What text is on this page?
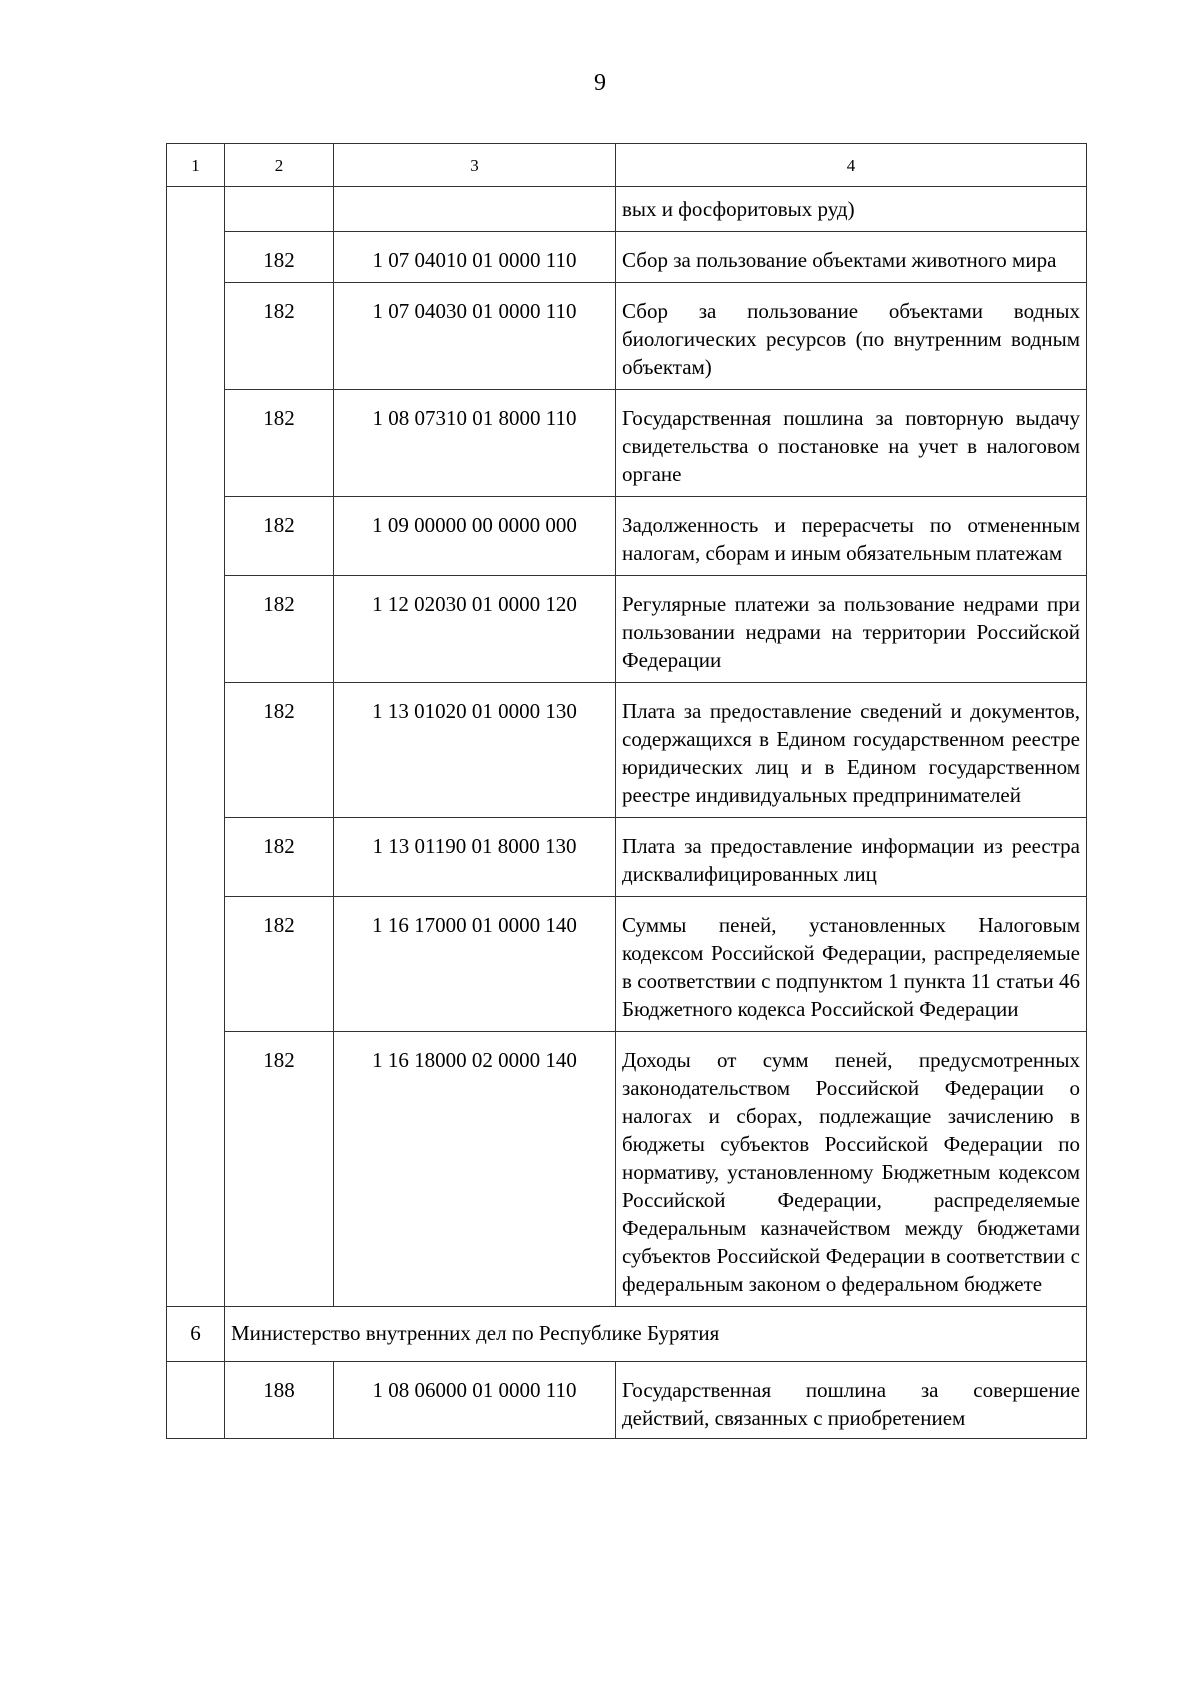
9
1	2	3	4
			вых и фосфоритовых руд)
	182	1 07 04010 01 0000 110	Сбор за пользование объектами животного мира
	182	1 07 04030 01 0000 110	Сбор за пользование объектами водных биологических ресурсов (по внутренним водным объектам)
	182	1 08 07310 01 8000 110	Государственная пошлина за повторную выдачу свидетельства о постановке на учет в налоговом органе
	182	1 09 00000 00 0000 000	Задолженность и перерасчеты по отмененным налогам, сборам и иным обязательным платежам
	182	1 12 02030 01 0000 120	Регулярные платежи за пользование недрами при пользовании недрами на территории Российской Федерации
	182	1 13 01020 01 0000 130	Плата за предоставление сведений и документов, содержащихся в Едином государственном реестре юридических лиц и в Едином государственном реестре индивидуальных предпринимателей
	182	1 13 01190 01 8000 130	Плата за предоставление информации из реестра дисквалифицированных лиц
	182	1 16 17000 01 0000 140	Суммы пеней, установленных Налоговым кодексом Российской Федерации, распределяемые в соответствии с подпунктом 1 пункта 11 статьи 46 Бюджетного кодекса Российской Федерации
	182	1 16 18000 02 0000 140	Доходы от сумм пеней, предусмотренных законодательством Российской Федерации о налогах и сборах, подлежащие зачислению в бюджеты субъектов Российской Федерации по нормативу, установленному Бюджетным кодексом Российской Федерации, распределяемые Федеральным казначейством между бюджетами субъектов Российской Федерации в соответствии с федеральным законом о федеральном бюджете
6	Министерство внутренних дел по Республике Бурятия		
	188	1 08 06000 01 0000 110	Государственная пошлина за совершение действий, связанных с приобретением
